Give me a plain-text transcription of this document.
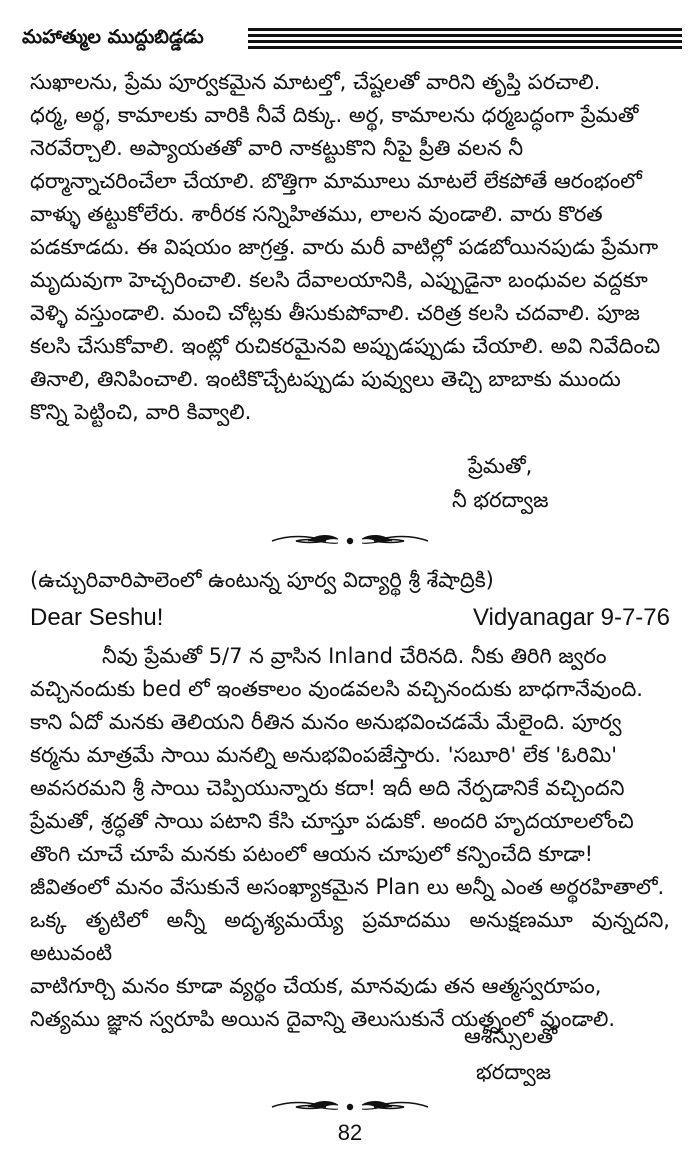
మహాత్ముల ముద్దుబిడ్డడు

సుఖాలను, ప్రేమ పూర్వకమైన మాటల్తో, చేష్టలతో వారిని తృప్తి పరచాలి.

ధర్మ, అర్థ, కామాలకు వారికి నీవే దిక్కు. అర్థ, కామాలను ధర్మబద్ధంగా ప్రేమతో

నెరవేర్చాలి. అప్యాయతతో వారి నాకట్టుకొని నీపై ప్రీతి వలన నీ

ధర్మాన్నాచరించేలా చేయాలి. బొత్తిగా మామూలు మాటలే లేకపోతే ఆరంభంలో

వాళ్ళు తట్టుకోలేరు. శారీరక సన్నిహితము, లాలన వుండాలి. వారు కొరత

పడకూడదు. ఈ విషయం జాగ్రత్త. వారు మరీ వాటిల్లో పడబోయినపుడు ప్రేమగా

మృదువుగా హెచ్చరించాలి. కలసి దేవాలయానికి, ఎప్పుడైనా బంధువల వద్దకూ

వెళ్ళి వస్తుండాలి. మంచి చోట్లకు తీసుకుపోవాలి. చరిత్ర కలసి చదవాలి. పూజ

కలసి చేసుకోవాలి. ఇంట్లో రుచికరమైనవి అప్పుడప్పుడు చేయాలి. అవి నివేదించి

తినాలి, తినిపించాలి. ఇంటికొచ్చేటప్పుడు పువ్వులు తెచ్చి బాబాకు ముందు

కొన్ని పెట్టించి, వారి కివ్వాలి.

ప్రేమతో,
నీ భరద్వాజ
(ఉచ్చురివారిపాలెంలో ఉంటున్న పూర్వ విద్యార్థి శ్రీ శేషాద్రికి)
Dear Seshu!	Vidyanagar 9-7-76

నీవు ప్రేమతో 5/7 న వ్రాసిన Inland చేరినది. నీకు తిరిగి జ్వరం

వచ్చినందుకు bed లో ఇంతకాలం వుండవలసి వచ్చినందుకు బాధగానేవుంది.

కాని ఏదో మనకు తెలియని రీతిన మనం అనుభవించడమే మేలైంది. పూర్వ

కర్మను మాత్రమే సాయి మనల్ని అనుభవింపజేస్తారు. 'సబూరి' లేక 'ఓరిమి'

అవసరమని శ్రీ సాయి చెప్పియున్నారు కదా! ఇదీ అది నేర్పడానికే వచ్చిందని

ప్రేమతో, శ్రద్ధతో సాయి పటాని కేసి చూస్తూ పడుకో. అందరి హృదయాలలోంచి

తొంగి చూచే చూపే మనకు పటంలో ఆయన చూపులో కన్పించేది కూడా!

జీవితంలో మనం వేసుకునే అసంఖ్యాకమైన Plan లు అన్నీ ఎంత అర్థరహితాలో.

ఒక్క తృటిలో అన్నీ అదృశ్యమయ్యే ప్రమాదము అనుక్షణమూ వున్నదని, అటువంటి

వాటిగూర్చి మనం కూడా వ్యర్థం చేయక, మానవుడు తన ఆత్మస్వరూపం,

నిత్యము జ్ఞాన స్వరూపి అయిన దైవాన్ని తెలుసుకునే యత్నంలో వుండాలి.

ఆశీస్సులతో
భరద్వాజ
82
